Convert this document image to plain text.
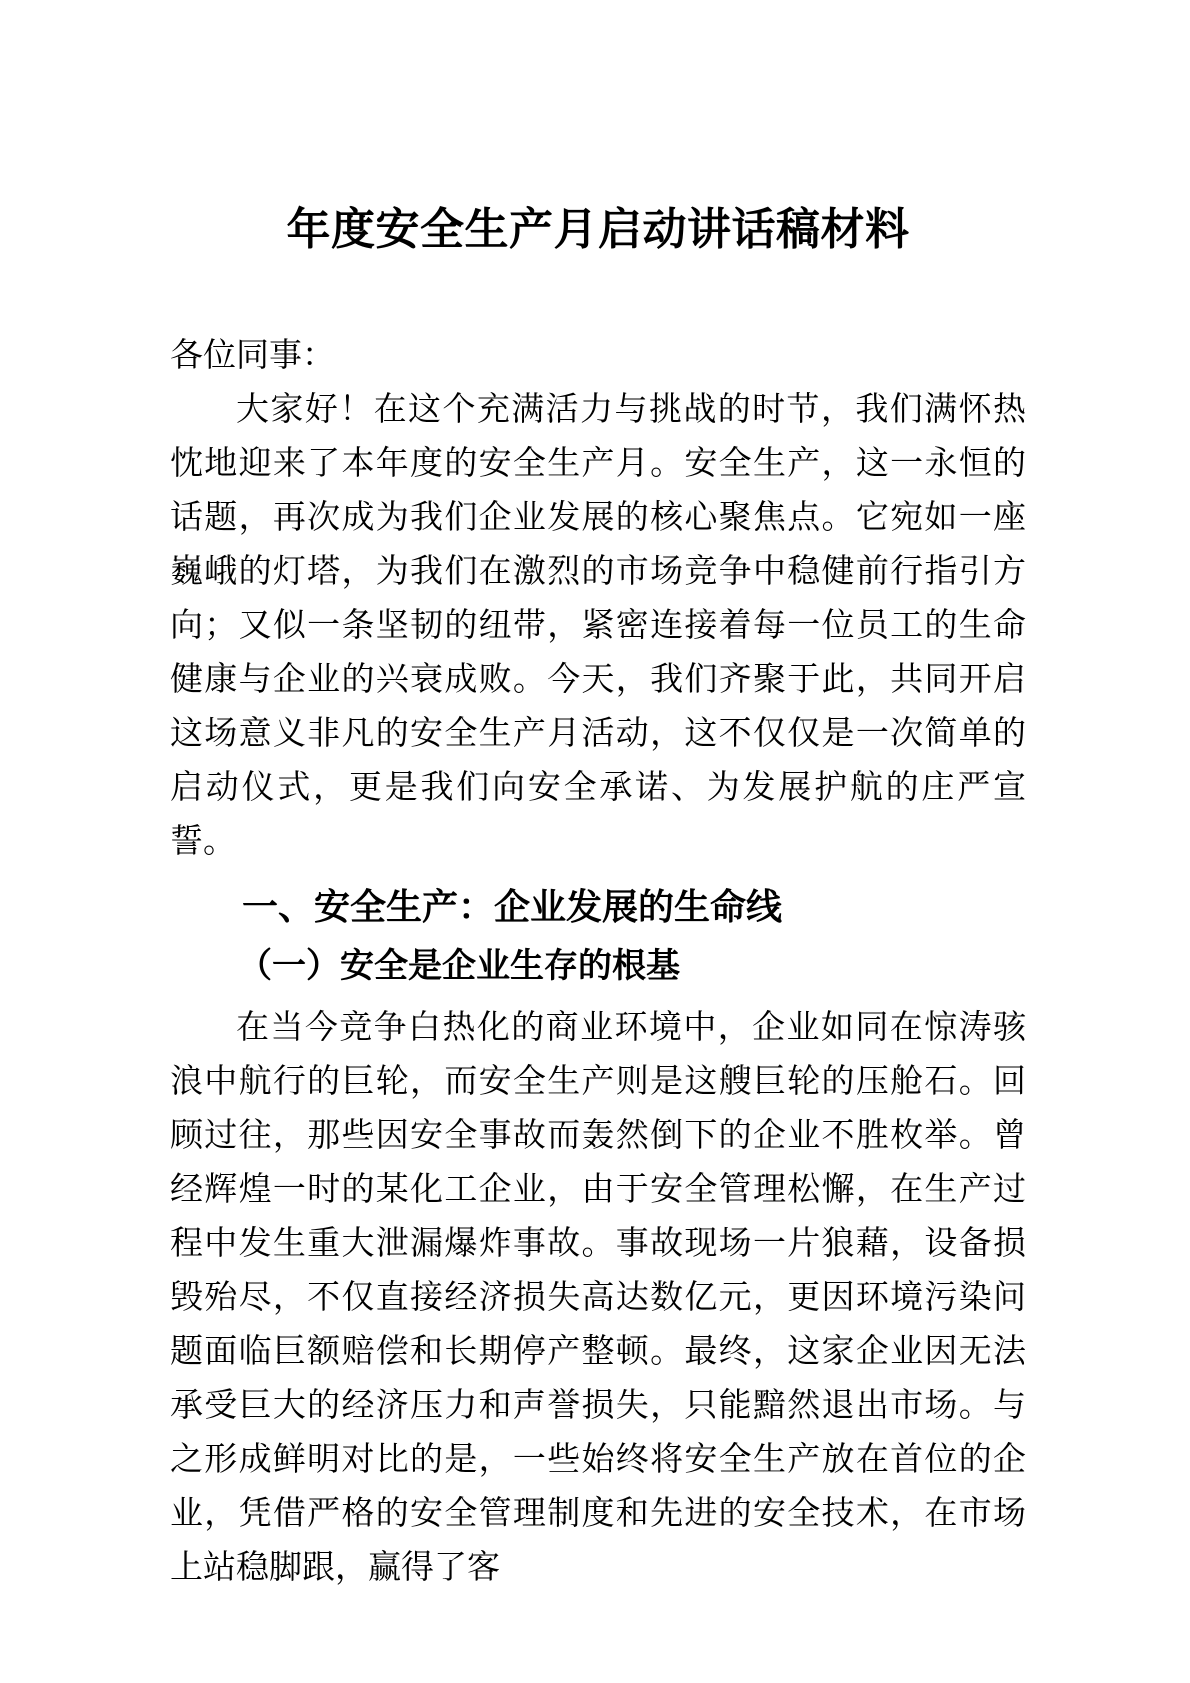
年度安全生产月启动讲话稿材料

各位同事：

大家好！在这个充满活力与挑战的时节，我们满怀热忱地迎来了本年度的安全生产月。安全生产，这一永恒的话题，再次成为我们企业发展的核心聚焦点。它宛如一座巍峨的灯塔，为我们在激烈的市场竞争中稳健前行指引方向；又似一条坚韧的纽带，紧密连接着每一位员工的生命健康与企业的兴衰成败。今天，我们齐聚于此，共同开启这场意义非凡的安全生产月活动，这不仅仅是一次简单的启动仪式，更是我们向安全承诺、为发展护航的庄严宣誓。

一、安全生产：企业发展的生命线
（一）安全是企业生存的根基

在当今竞争白热化的商业环境中，企业如同在惊涛骇浪中航行的巨轮，而安全生产则是这艘巨轮的压舱石。回顾过往，那些因安全事故而轰然倒下的企业不胜枚举。曾经辉煌一时的某化工企业，由于安全管理松懈，在生产过程中发生重大泄漏爆炸事故。事故现场一片狼藉，设备损毁殆尽，不仅直接经济损失高达数亿元，更因环境污染问题面临巨额赔偿和长期停产整顿。最终，这家企业因无法承受巨大的经济压力和声誉损失，只能黯然退出市场。与之形成鲜明对比的是，一些始终将安全生产放在首位的企业，凭借严格的安全管理制度和先进的安全技术，在市场上站稳脚跟，赢得了客
